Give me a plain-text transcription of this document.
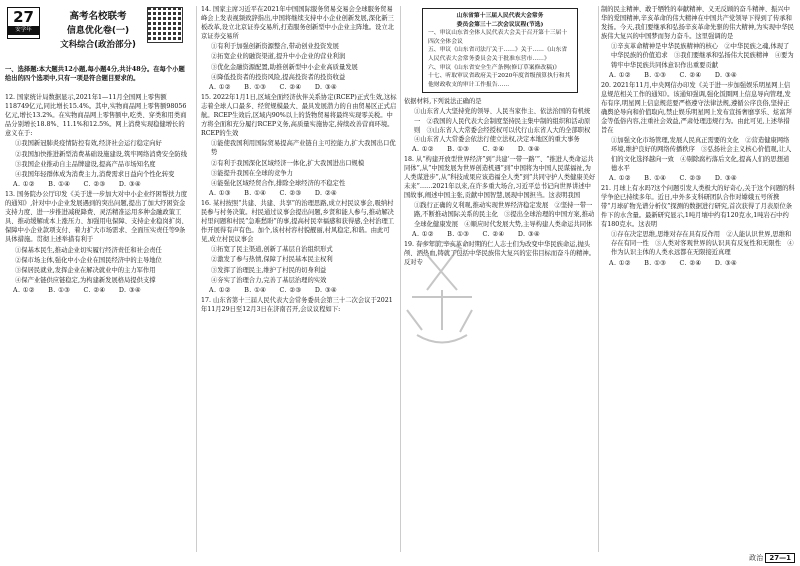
27
安学年
高考名校联考
信息优化卷(一)
文科综合(政治部分)

一、选择题:本大题共12小题,每小题4分,共计48分。在每个小题给出的四个选项中,只有一项是符合题目要求的。

12. 国家统计局数据显示,2021年1—11月全国网上零售额118749亿元,同比增长15.4%。其中,实物商品网上零售额98056亿元,增长13.2%。在实物商品网上零售额中,吃类、穿类和用类商品分别增长18.8%、11.1%和12.5%。网上消费实现稳健增长的意义在于:

①我国新冠肺炎疫情防控有效,经济社会运行稳定向好

②我国加快推进新型消费基础设施建设,筑牢网络消费安全防线

③我国企业推动自主品牌建设,提高产品市场知名度

④我国年轻群体成为消费主力,消费需求日益向个性化转变

A. ①②　　B. ①④　　C. ②③　　D. ③④

13. 国务院办公厅印发《关于进一步加大对中小企业纾困帮扶力度的通知》,针对中小企业发展遇到的突出问题,提出了加大纾困资金支持力度、进一步推进减税降费、灵活精准运用多种金融政策工具、推动缓解成本上涨压力、加强用电保障、支持企业稳岗扩岗、保障中小企业款项支付、着力扩大市场需求、全面压实责任等9条具体措施。贯彻上述举措有利于

①保基本民生,推动企业切实履行经济责任和社会责任

②保市场主体,强化中小企业在国民经济中的主导地位

③保居民就业,发挥企业在解决就业中的主力军作用

④保产业链供应链稳定,为构建新发展格局提供支撑

A. ①②　　B. ①③　　C. ②④　　D. ③④

14. 国家主席习近平在2021年中国国际服务贸易交易会全球服务贸易峰会上发表视频致辞指出,中国将继续支持中小企业创新发展,深化新三板改革,设立北京证券交易所,打造服务创新型中小企业主阵地。设立北京证券交易所

①有利于加强创新资源整合,带动创业投资发展

②拓宽企业的融资渠道,提升中小企业的营业利润

③优化金融资源配置,助推创新型中小企业高质量发展

④降低投资者的投资风险,提高投资者的投资收益

A. ①②　　B. ①③　　C. ②④　　D. ③④

15. 2022年1月1日,区域全面经济伙伴关系协定(RCEP)正式生效,这标志着全球人口最多、经贸规模最大、最具发展潜力的自由贸易区正式启航。RCEP生效后,区域内90%以上的货物贸易将最终实现零关税。中方将全面和充分履行RCEP义务,高质量实施协定,持续改善营商环境。RCEP的生效

①能使我国利用国际贸易提高产业链自主可控能力,扩大我国出口优势

②有利于我国深化区域经济一体化,扩大我国进出口规模

③能提升我国在全球的竞争力

④能强化区域经贸合作,排除全球经济的不稳定性

A. ①③　　B. ①④　　C. ②③　　D. ②④

16. 某村按照“共建、共建、共享”的治理思路,成立村民议事会,吸纳村民参与村务决策。村民通过议事会提出问题,乡贤和能人参与,推动解决村里问题和村民“急难愁盼”的事,提高村民幸福感和获得感,全村治理工作开展得有声有色。加个,该村村容村貌靓丽,村风稳定,和谐。由此可见,成立村民议事会

①拓宽了民主渠道,创新了基层自治组织形式

②激发了参与热情,保障了村民基本民主权利

③发挥了治理民主,维护了村民的切身利益

④夯实了治理合力,完善了基层治理的实效

A. ①②　　B. ①④　　C. ②③　　D. ③④

17. 山东省第十三届人民代表大会常务委员会第三十二次会议于2021年11月29日至12月3日在济南召开,会议议程如下:

山东省第十三届人民代表大会常务

委员会第三十二次会议议程(节选)

一、审议山东省全体人民代表大会关于召开第十三届十四次全体会议

五、审议《山东省司法厅关于……》关于……《山东省人民代表大会常务委员会关于批准东营市……》

六、审议《山东省安全生产条例(修订草案修改稿)》

十七、听取审议省政府关于2020年度省级预算执行和其他财政收支的审计工作报告……

依据材料,下列说法正确的是

①山东省人大坚持党的领导、人民当家作主、依法治国的有机统一　②我国的人民代表大会制度坚持民主集中制的组织和活动原则　③山东省人大常委会经授权可以代行山东省人大的全部职权　④山东省人大常委会依法行使立法权,决定本地区的重大事务

A. ①②　　B. ①③　　C. ②④　　D. ③④

18. 从“构建开放型世界经济”到“共建‘一带一路’”、“推进人类命运共同体”,从“中国发展为世界创造机遇”到“中国将为中国人民谋福祉,为人类谋进步”,从“科技成果应该造福全人类”到“共同守护人类健康美好未来”……2021年以来,在许多重大场合,习近平总书记向世界讲述中国故事,阐述中国主张,贡献中国智慧,展现中国担当。这表明我国

①践行正确的义利观,推动实现世界经济稳定发展　②坚持一带一路,不断推动国际关系的民主化　③提出全球治理的中国方案,推动全球化健康发展　④顺应时代发展大势,主导构建人类命运共同体

A. ①②　　B. ①③　　C. ②④　　D. ③④

19. 有多年前,辛亥革命时期的仁人志士们为改变中华民族命运,抛头颅、洒热血,铸就了包括中华民族伟大复兴的宏伟目标而奋斗的精神。反对专

制的民主精神、敢于牺牲的奉献精神、义无反顾的奋斗精神、振兴中华的爱国精神,辛亥革命的伟大精神在中国共产党领导下得到了传承和发扬。今天,我们要继承和弘扬辛亥革命先驱的伟大精神,为实现中华民族伟大复兴的中国梦而努力奋斗。这里强调的是

①辛亥革命精神是中华民族精神的核心　②中华民族之魂,体现了中华民族的价值追求　③我们要继承和弘扬伟大民族精神　④要为铸牢中华民族共同体意识作出重要贡献

A. ①②　　B. ①③　　C. ②④　　D. ③④

20. 2021年11月,中央网信办印发《关于进一步加强娱乐明星网上信息规范相关工作的通知》。该通知强调,强化饭圈网上信息导向管理,发布有序,明星网上信息规范要严格遵守法律法规,遵循公序良俗,坚持正确舆论导向和价值取向,禁止娱乐明星网上发布宣扬奢靡享乐、炫富拜金等低俗内容,注重社会效益,严肃处理违规行为。由此可见,上述举措旨在

①加强文化市场管理,发展人民真正需要的文化　②营造健康网络环境,维护良好的网络传播秩序　③弘扬社会主义核心价值观,让人们的文化选择越向一致　④剔除腐朽落后文化,提高人们的思想道德水平

A. ①②　　B. ①④　　C. ②③　　D. ③④

21. 月球上有水吗?这个问题引发人类极大的好奇心,关于这个问题的科学争论已持续多年。近日,中外多支科研团队合作对嫦娥五号所携带“月球矿物光谱分析仪”探测的数据进行研究,首次获得了月表原位条件下的水含量。最新研究显示,1吨月壤中约有120克水,1吨岩石中约有180克水。这表明

①存在决定思维,思维对存在具有反作用　②人能认识世界,思维和存在有同一性　③人类对客观世界的认识具有反复性和无限性　④作为认识主体的人类永远都在无限接近真理

A. ①②　　B. ①③　　C. ②④　　D. ③④

政治 27—1
